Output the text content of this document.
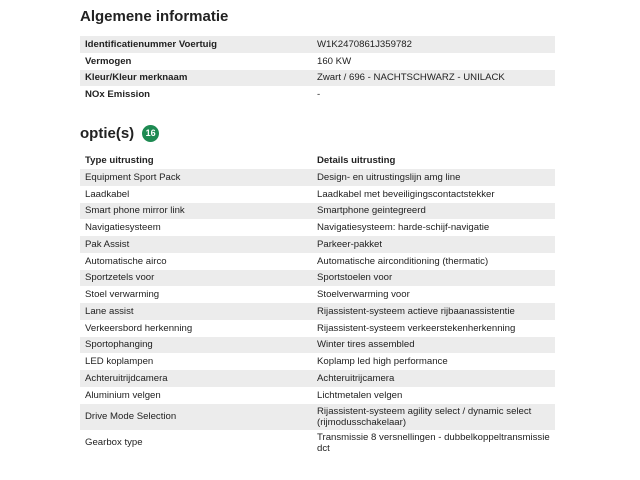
Algemene informatie
Identificatienummer Voertuig	W1K2470861J359782
Vermogen	160 KW
Kleur/Kleur merknaam	Zwart / 696 - NACHTSCHWARZ - UNILACK
NOx Emission	-
optie(s)	16
Type uitrusting	Details uitrusting
Equipment Sport Pack	Design- en uitrustingslijn amg line
Laadkabel	Laadkabel met beveiligingscontactstekker
Smart phone mirror link	Smartphone geintegreerd
Navigatiesysteem	Navigatiesysteem: harde-schijf-navigatie
Pak Assist	Parkeer-pakket
Automatische airco	Automatische airconditioning (thermatic)
Sportzetels voor	Sportstoelen voor
Stoel verwarming	Stoelverwarming voor
Lane assist	Rijassistent-systeem actieve rijbaanassistentie
Verkeersbord herkenning	Rijassistent-systeem verkeerstekenherkenning
Sportophanging	Winter tires assembled
LED koplampen	Koplamp led high performance
Achteruitrijdcamera	Achteruitrijcamera
Aluminium velgen	Lichtmetalen velgen
Drive Mode Selection	Rijassistent-systeem agility select / dynamic select (rijmodusschakelaar)
Gearbox type	Transmissie 8 versnellingen - dubbelkoppeltransmissie dct
